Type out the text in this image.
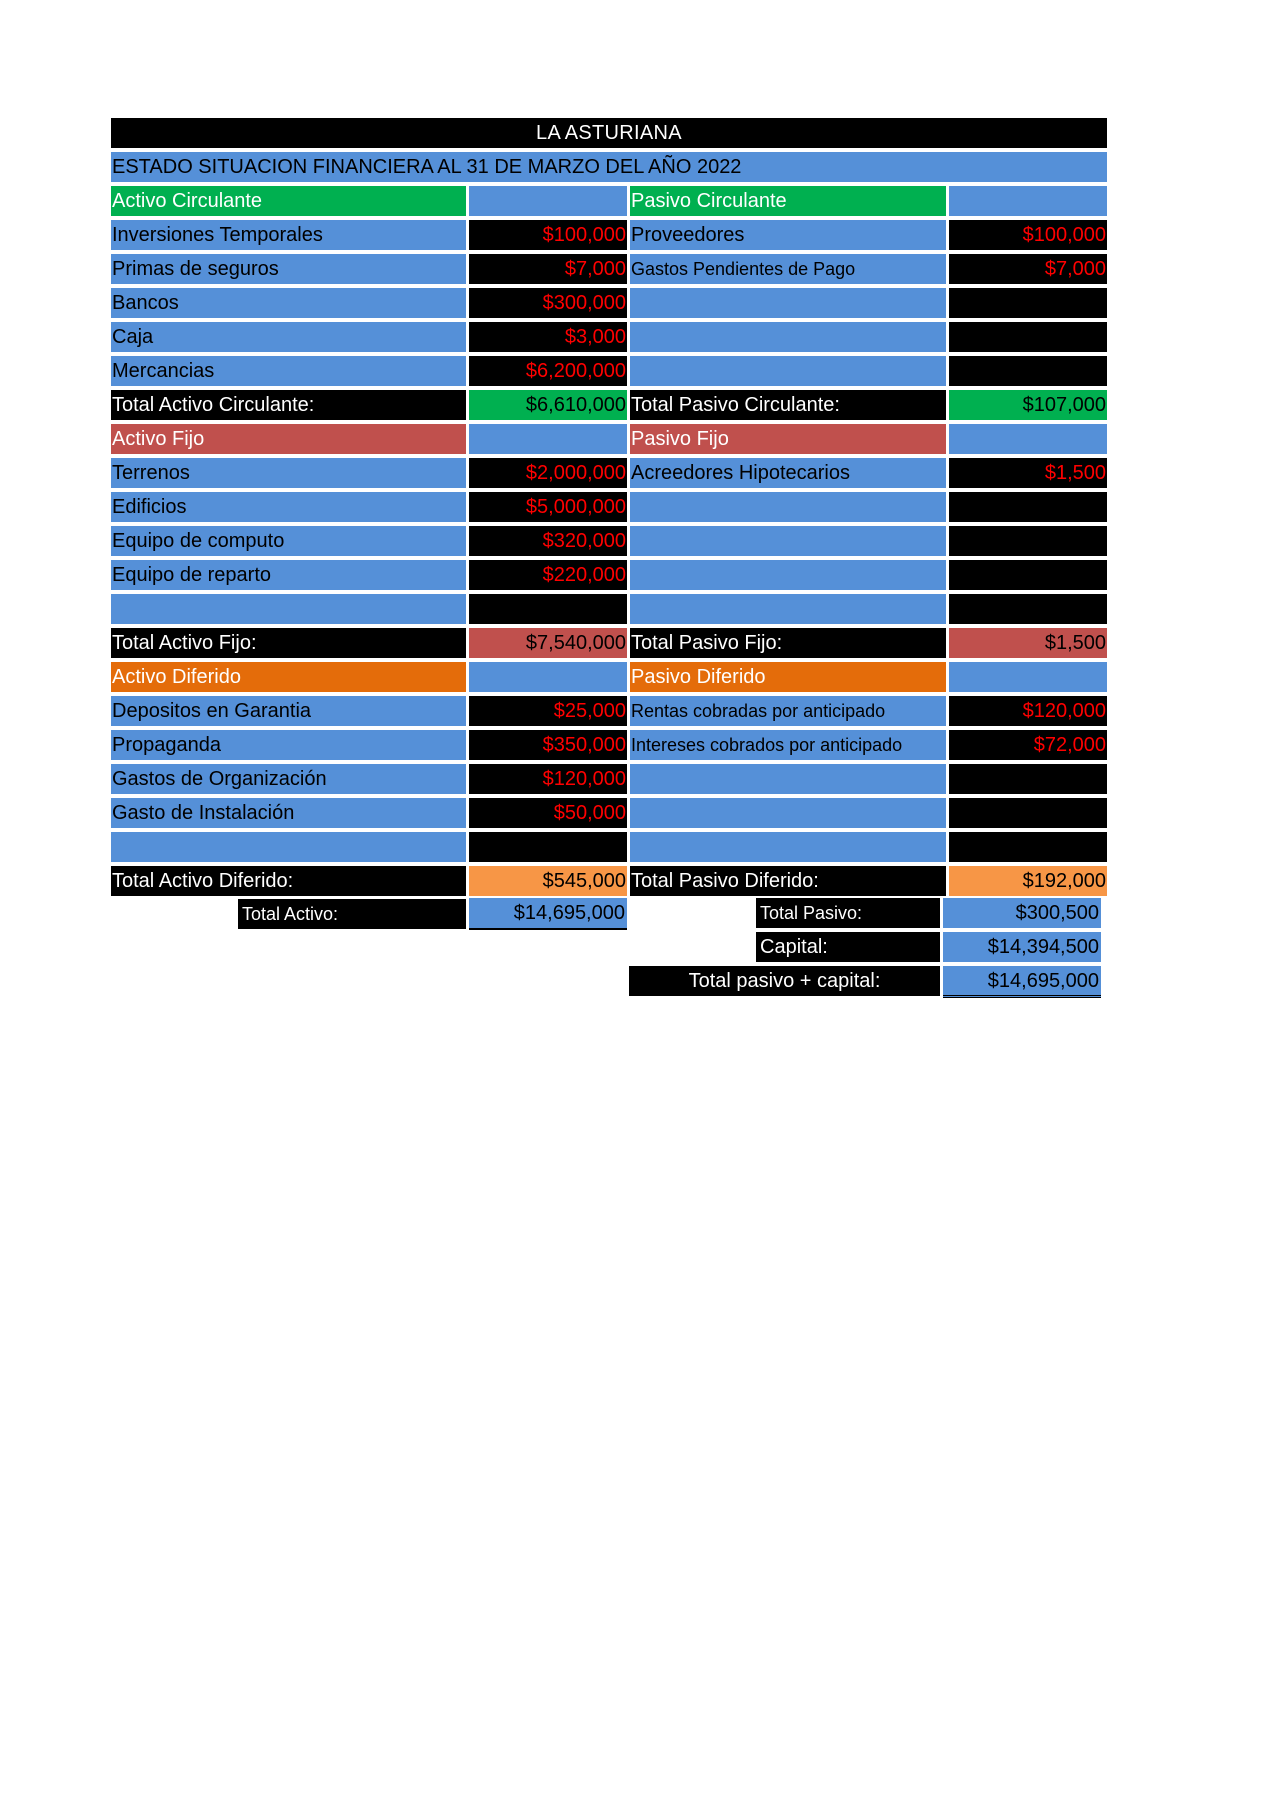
LA ASTURIANA
ESTADO SITUACION FINANCIERA AL 31 DE MARZO DEL AÑO 2022
Activo Circulante	Pasivo Circulante
Inversiones Temporales	$100,000 Proveedores	$100,000
Primas de seguros	$7,000 Gastos Pendientes de Pago	$7,000
Bancos	$300,000
Caja	$3,000
Mercancias	$6,200,000
Total Activo Circulante:	$6,610,000 Total Pasivo Circulante:	$107,000
Activo Fijo	Pasivo Fijo
Terrenos	$2,000,000 Acreedores Hipotecarios	$1,500
Edificios	$5,000,000
Equipo de computo	$320,000
Equipo de reparto	$220,000
Total Activo Fijo:	$7,540,000 Total Pasivo Fijo:	$1,500
Activo Diferido	Pasivo Diferido
Depositos en Garantia	$25,000 Rentas cobradas por anticipado	$120,000
Propaganda	$350,000 Intereses cobrados por anticipado	$72,000
Gastos de Organización	$120,000
Gasto de Instalación	$50,000
Total Activo Diferido:	$545,000 Total Pasivo Diferido:	$192,000
Total Activo:	$14,695,000	Total Pasivo:	$300,500
Capital:	$14,394,500
Total pasivo + capital:	$14,695,000
